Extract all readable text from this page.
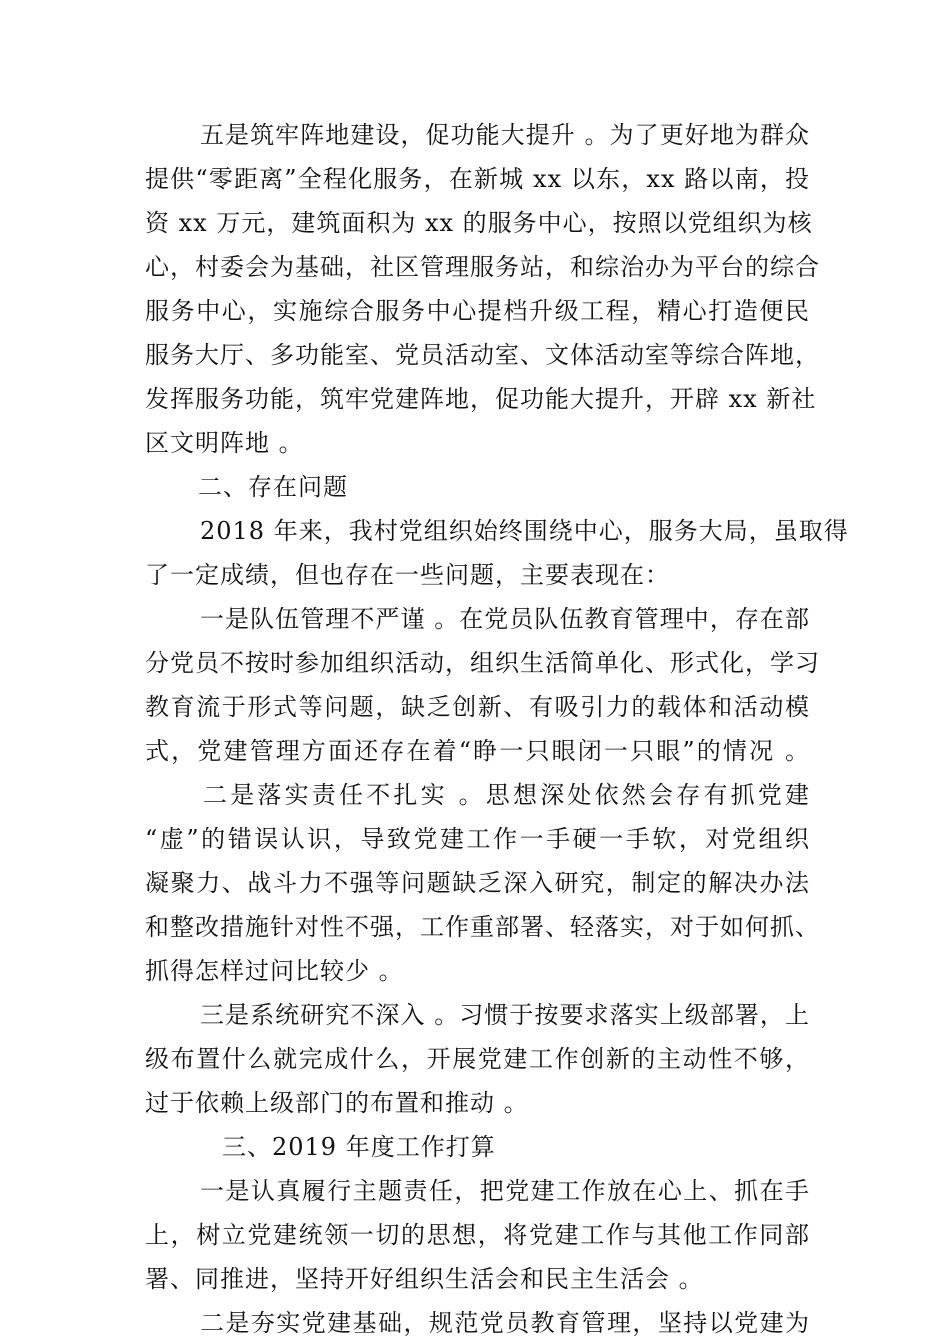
五是筑牢阵地建设，促功能大提升 。为了更好地为群众
提供“零距离”全程化服务，在新城 xx 以东，xx 路以南，投
资 xx 万元，建筑面积为 xx 的服务中心，按照以党组织为核
心，村委会为基础，社区管理服务站，和综治办为平台的综合
服务中心，实施综合服务中心提档升级工程，精心打造便民
服务大厅、多功能室、党员活动室、文体活动室等综合阵地，
发挥服务功能，筑牢党建阵地，促功能大提升，开辟 xx 新社
区文明阵地 。
二、存在问题
2018 年来，我村党组织始终围绕中心，服务大局，虽取得
了一定成绩，但也存在一些问题，主要表现在：
一是队伍管理不严谨 。在党员队伍教育管理中，存在部
分党员不按时参加组织活动，组织生活简单化、形式化，学习
教育流于形式等问题，缺乏创新、有吸引力的载体和活动模
式，党建管理方面还存在着“睁一只眼闭一只眼”的情况 。
二是落实责任不扎实 。思想深处依然会存有抓党建
“虚”的错误认识，导致党建工作一手硬一手软，对党组织
凝聚力、战斗力不强等问题缺乏深入研究，制定的解决办法
和整改措施针对性不强，工作重部署、轻落实，对于如何抓、
抓得怎样过问比较少 。
三是系统研究不深入 。习惯于按要求落实上级部署，上
级布置什么就完成什么，开展党建工作创新的主动性不够，
过于依赖上级部门的布置和推动 。
三、2019 年度工作打算
一是认真履行主题责任，把党建工作放在心上、抓在手
上，树立党建统领一切的思想，将党建工作与其他工作同部
署、同推进，坚持开好组织生活会和民主生活会 。
二是夯实党建基础，规范党员教育管理，坚持以党建为
